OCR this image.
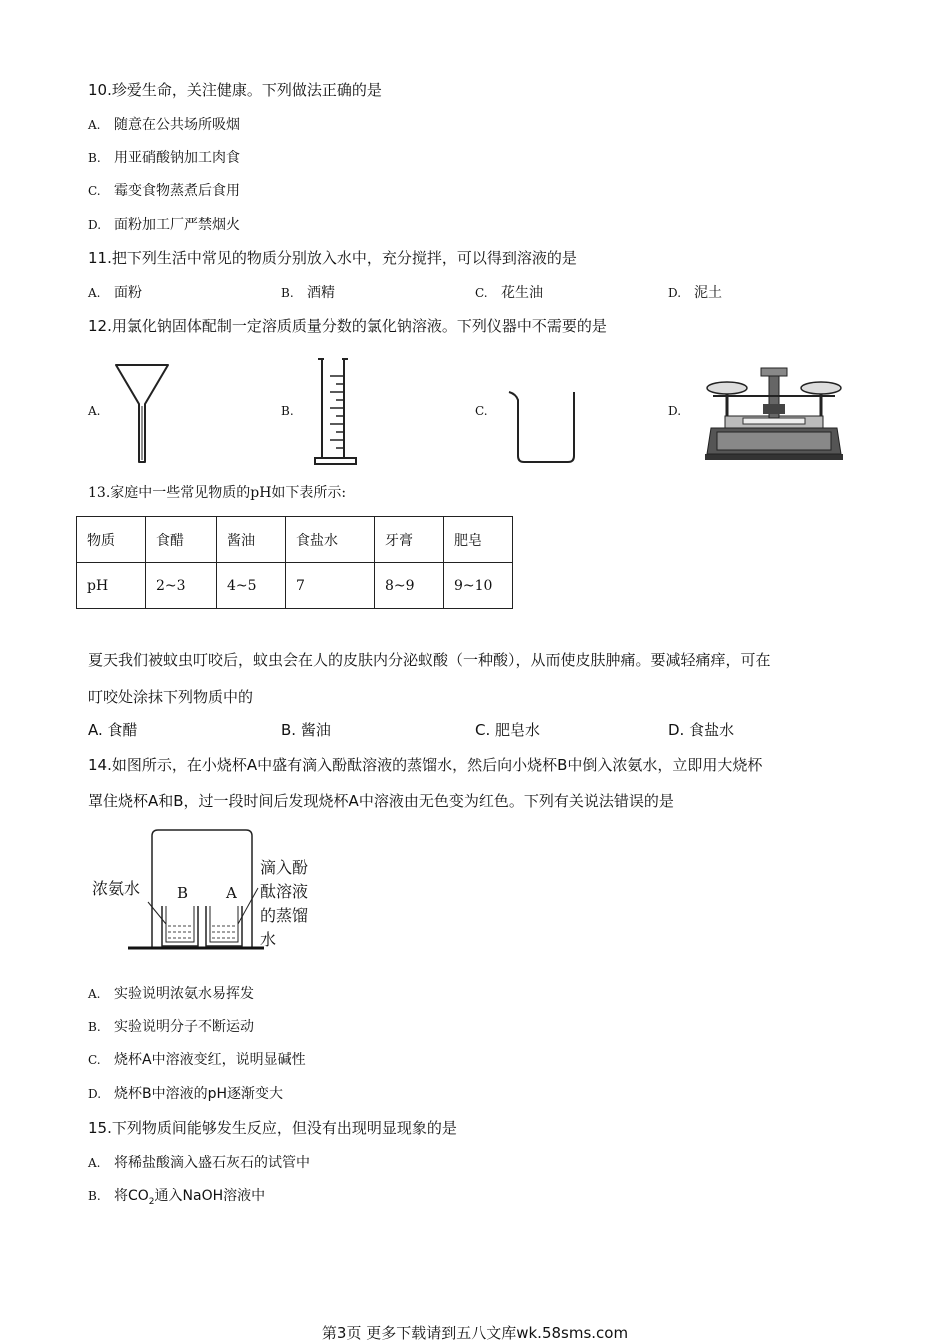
10.珍爱生命，关注健康。下列做法正确的是
A. 随意在公共场所吸烟
B. 用亚硝酸钠加工肉食
C. 霉变食物蒸煮后食用
D. 面粉加工厂严禁烟火
11.把下列生活中常见的物质分别放入水中，充分搅拌，可以得到溶液的是
A. 面粉	B. 酒精	C. 花生油	D. 泥土
12.用氯化钠固体配制一定溶质质量分数的氯化钠溶液。下列仪器中不需要的是
A.	B.	C.	D.
13.家庭中一些常见物质的pH如下表所示:
物质	食醋	酱油	食盐水	牙膏	肥皂
pH	2~3	4~5	7	8~9	9~10
夏天我们被蚊虫叮咬后，蚊虫会在人的皮肤内分泌蚁酸（一种酸），从而使皮肤肿痛。要减轻痛痒，可在
叮咬处涂抹下列物质中的
A. 食醋	B. 酱油	C. 肥皂水	D. 食盐水
14.如图所示，在小烧杯A中盛有滴入酚酞溶液的蒸馏水，然后向小烧杯B中倒入浓氨水，立即用大烧杯
罩住烧杯A和B，过一段时间后发现烧杯A中溶液由无色变为红色。下列有关说法错误的是
浓氨水 B	A
滴入酚
酞溶液
的蒸馏
水
A. 实验说明浓氨水易挥发
B. 实验说明分子不断运动
C. 烧杯A中溶液变红，说明显碱性
D. 烧杯B中溶液的pH逐渐变大
15.下列物质间能够发生反应，但没有出现明显现象的是
A. 将稀盐酸滴入盛石灰石的试管中
B. 将$CO_2$通入NaOH溶液中
第3页 更多下载请到五八文库wk.58sms.com
